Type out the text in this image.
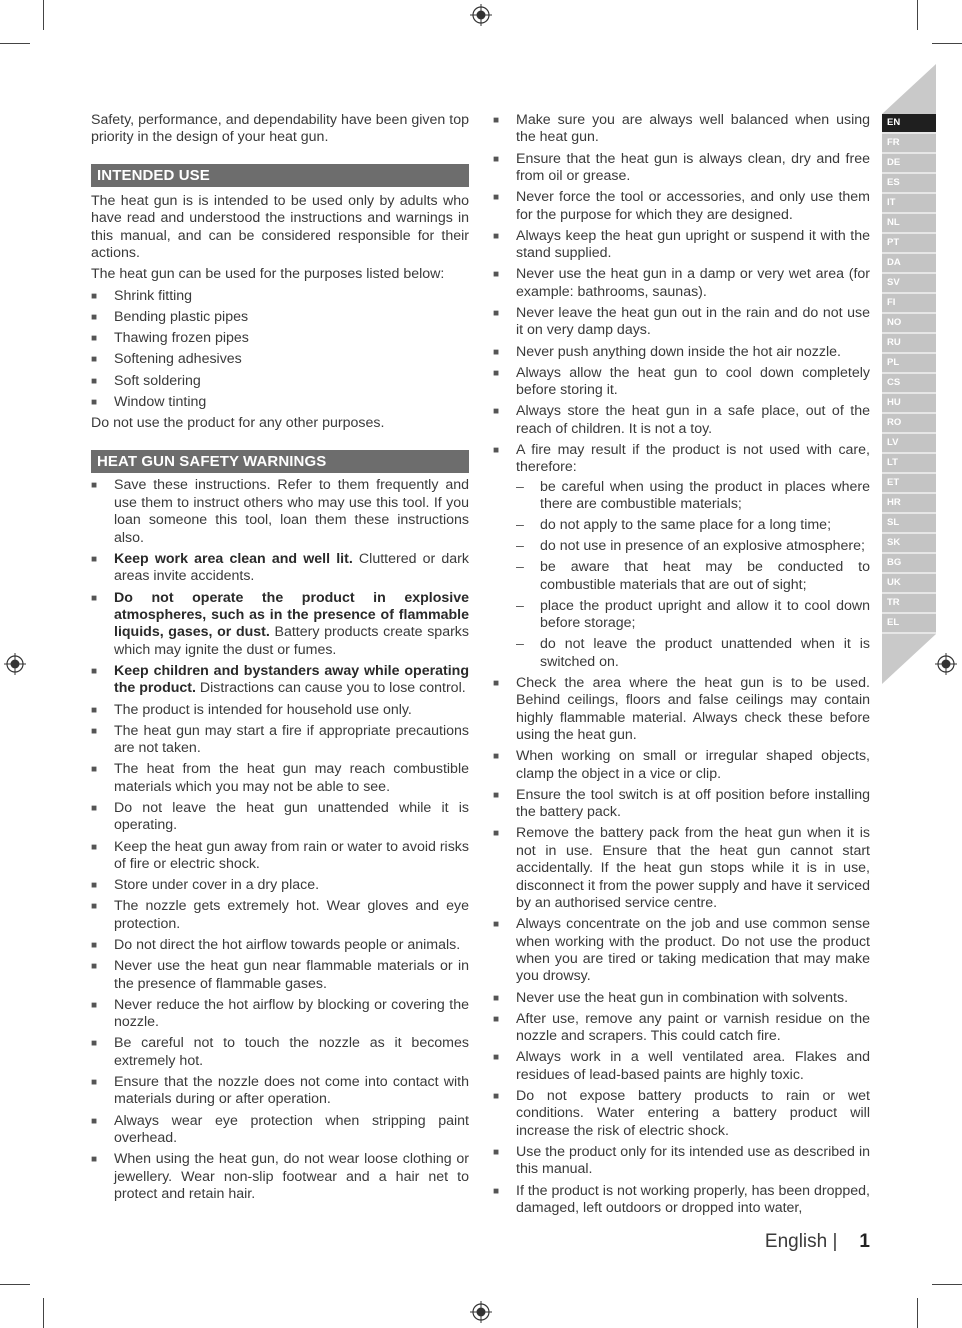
Safety, performance, and dependability have been given top priority in the design of your heat gun.

INTENDED USE

The heat gun is is intended to be used only by adults who have read and understood the instructions and warnings in this manual, and can be considered responsible for their actions.

The heat gun can be used for the purposes listed below:

■ Shrink fitting
■ Bending plastic pipes
■ Thawing frozen pipes
■ Softening adhesives
■ Soft soldering
■ Window tinting

Do not use the product for any other purposes.

HEAT GUN SAFETY WARNINGS
■ Save these instructions. Refer to them frequently and use them to instruct others who may use this tool. If you loan someone this tool, loan them these instructions also.
■ Keep work area clean and well lit. Cluttered or dark areas invite accidents.
■ Do not operate the product in explosive atmospheres, such as in the presence of flammable liquids, gases, or dust. Battery products create sparks which may ignite the dust or fumes.
■ Keep children and bystanders away while operating the product. Distractions can cause you to lose control.
■ The product is intended for household use only.
■ The heat gun may start a fire if appropriate precautions are not taken.
■ The heat from the heat gun may reach combustible materials which you may not be able to see.
■ Do not leave the heat gun unattended while it is operating.
■ Keep the heat gun away from rain or water to avoid risks of fire or electric shock.
■ Store under cover in a dry place.
■ The nozzle gets extremely hot. Wear gloves and eye protection.
■ Do not direct the hot airflow towards people or animals.
■ Never use the heat gun near flammable materials or in the presence of flammable gases.
■ Never reduce the hot airflow by blocking or covering the nozzle.
■ Be careful not to touch the nozzle as it becomes extremely hot.
■ Ensure that the nozzle does not come into contact with materials during or after operation.
■ Always wear eye protection when stripping paint overhead.
■ When using the heat gun, do not wear loose clothing or jewellery. Wear non-slip footwear and a hair net to protect and retain hair.
■ Make sure you are always well balanced when using the heat gun.
■ Ensure that the heat gun is always clean, dry and free from oil or grease.
■ Never force the tool or accessories, and only use them for the purpose for which they are designed.
■ Always keep the heat gun upright or suspend it with the stand supplied.
■ Never use the heat gun in a damp or very wet area (for example: bathrooms, saunas).
■ Never leave the heat gun out in the rain and do not use it on very damp days.
■ Never push anything down inside the hot air nozzle.
■ Always allow the heat gun to cool down completely before storing it.
■ Always store the heat gun in a safe place, out of the reach of children. It is not a toy.
■ A fire may result if the product is not used with care, therefore:
– be careful when using the product in places where there are combustible materials;
– do not apply to the same place for a long time;
– do not use in presence of an explosive atmosphere;
– be aware that heat may be conducted to combustible materials that are out of sight;
– place the product upright and allow it to cool down before storage;
– do not leave the product unattended when it is switched on.
■ Check the area where the heat gun is to be used. Behind ceilings, floors and false ceilings may contain highly flammable material. Always check these before using the heat gun.
■ When working on small or irregular shaped objects, clamp the object in a vice or clip.
■ Ensure the tool switch is at off position before installing the battery pack.
■ Remove the battery pack from the heat gun when it is not in use. Ensure that the heat gun cannot start accidentally. If the heat gun stops while it is in use, disconnect it from the power supply and have it serviced by an authorised service centre.
■ Always concentrate on the job and use common sense when working with the product. Do not use the product when you are tired or taking medication that may make you drowsy.
■ Never use the heat gun in combination with solvents.
■ After use, remove any paint or varnish residue on the nozzle and scrapers. This could catch fire.
■ Always work in a well ventilated area. Flakes and residues of lead-based paints are highly toxic.
■ Do not expose battery products to rain or wet conditions. Water entering a battery product will increase the risk of electric shock.
■ Use the product only for its intended use as described in this manual.
■ If the product is not working properly, has been dropped, damaged, left outdoors or dropped into water,
EN
FR
DE
ES
IT
NL
PT
DA
SV
FI
NO
RU
PL
CS
HU
RO
LV
LT
ET
HR
SL
SK
BG
UK
TR
EL
English | 1
